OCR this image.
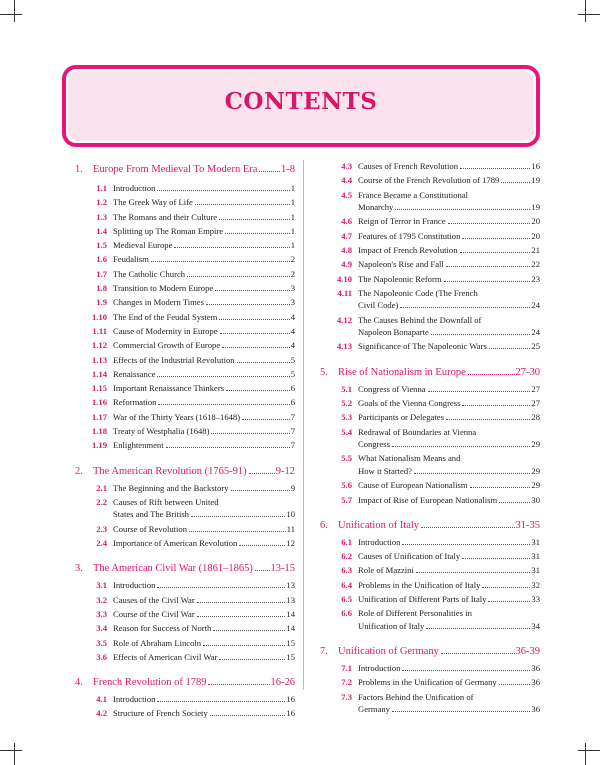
CONTENTS
1. Europe From Medieval To Modern Era 1-8
1.1 Introduction	1
1.2 The Greek Way of Life	1
1.3 The Romans and their Culture	1
1.4 Splitting up The Roman Empire	1
1.5 Medieval Europe	1
1.6 Feudalism	2
1.7 The Catholic Church	2
1.8 Transition to Modern Europe	3
1.9 Changes in Modern Times	3
1.10 The End of the Feudal System	4
1.11 Cause of Modernity in Europe	4
1.12 Commercial Growth of Europe	4
1.13 Effects of the Industrial Revolution	5
1.14 Renaissance	5
1.15 Important Renaissance Thinkers	6
1.16 Reformation	6
1.17 War of the Thirty Years (1618–1648)	7
1.18 Treaty of Westphalia (1648)	7
1.19 Enlightenment	7
2. The American Revolution (1765-91)	9-12
2.1 The Beginning and the Backstory	9
2.2 Causes of Rift between United
States and The British	10
2.3 Course of Revolution	11
2.4 Importance of American Revolution	12
3. The American Civil War (1861–1865) 13-15
3.1 Introduction	13
3.2 Causes of the Civil War	13
3.3 Course of the Civil War	14
3.4 Reason for Success of North	14
3.5 Role of Abraham Lincoln	15
3.6 Effects of American Civil War	15
4. French Revolution of 1789	16-26
4.1 Introduction	16
4.2 Structure of French Society	16
4.3 Causes of French Revolution	16
4.4 Course of the French Revolution of 1789	19
4.5 France Became a Constitutional
Monarchy	19
4.6 Reign of Terror in France	20
4.7 Features of 1795 Constitution	20
4.8 Impact of French Revolution	21
4.9 Napoleon's Rise and Fall	22
4.10 The Napoleonic Reform	23
4.11 The Napoleonic Code (The French
Civil Code)	24
4.12 The Causes Behind the Downfall of
Napoleon Bonaparte	24
4.13 Significance of The Napoleonic Wars	25
5. Rise of Nationalism in Europe	27-30
5.1 Congress of Vienna	27
5.2 Goals of the Vienna Congress	27
5.3 Participants or Delegates	28
5.4 Redrawal of Boundaries at Vienna
Congress	29
5.5 What Nationalism Means and
How it Started?	29
5.6 Cause of European Nationalism	29
5.7 Impact of Rise of European Nationalism	30
6. Unification of Italy	31-35
6.1 Introduction	31
6.2 Causes of Unification of Italy	31
6.3 Role of Mazzini	31
6.4 Problems in the Unification of Italy	32
6.5 Unification of Different Parts of Italy	33
6.6 Role of Different Personalities in
Unification of Italy	34
7. Unification of Germany	36-39
7.1 Introduction	36
7.2 Problems in the Unification of Germany	36
7.3 Factors Behind the Unification of
Germany	36
